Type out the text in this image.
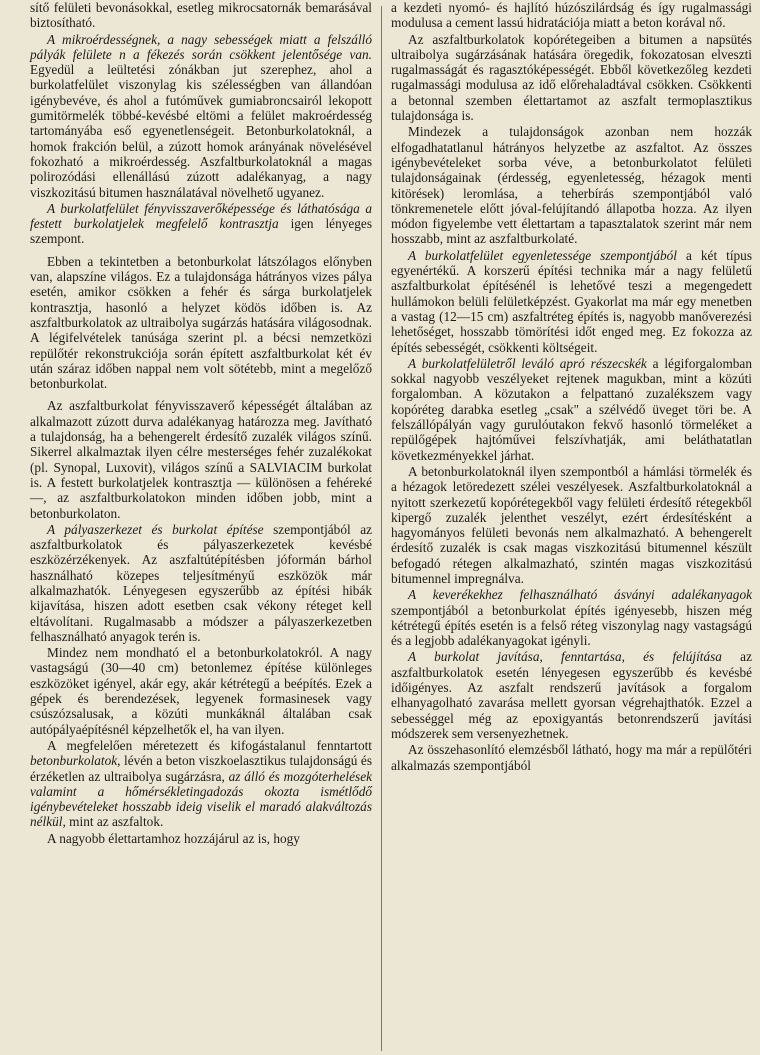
sítő felületi bevonásokkal, esetleg mikrocsatornák bemarásával biztosítható.

A mikroérdességnek, a nagy sebességek miatt a felszálló pályák felülete n a fékezés során csökkent jelentősége van. Egyedül a leültetési zónákban jut szerephez, ahol a burkolatfelület viszonylag kis szélességben van állandóan igénybevéve, és ahol a futóművek gumiabroncsairól lekopott gumitörmelék többé-kevésbé eltömi a felület makroérdesség tartományába eső egyenetlenségeit. Betonburkolatoknál, a homok frakción belül, a zúzott homok arányának növelésével fokozható a mikroérdesség. Aszfaltburkolatoknál a magas polirozódási ellenállású zúzott adalékanyag, a nagy viszkozitású bitumen használatával növelhető ugyanez.

A burkolatfelület fényvisszaverőképessége és láthatósága a festett burkolatjelek megfelelő kontrasztja igen lényeges szempont.

Ebben a tekintetben a betonburkolat látszólagos előnyben van, alapszíne világos. Ez a tulajdonsága hátrányos vizes pálya esetén, amikor csökken a fehér és sárga burkolatjelek kontrasztja, hasonló a helyzet ködös időben is. Az aszfaltburkolatok az ultraibolya sugárzás hatására világosodnak. A légifelvételek tanúsága szerint pl. a bécsi nemzetközi repülőtér rekonstrukciója során épített aszfaltburkolat két év után száraz időben nappal nem volt sötétebb, mint a megelőző betonburkolat.

Az aszfaltburkolat fényvisszaverő képességét általában az alkalmazott zúzott durva adalékanyag határozza meg. Javítható a tulajdonság, ha a behengerelt érdesítő zuzalék világos színű. Sikerrel alkalmaztak ilyen célre mesterséges fehér zuzalékokat (pl. Synopal, Luxovit), világos színű a SALVIACIM burkolat is. A festett burkolatjelek kontrasztja — különösen a fehéreké —, az aszfaltburkolatokon minden időben jobb, mint a betonburkolaton.

A pályaszerkezet és burkolat építése szempontjából az aszfaltburkolatok és pályaszerkezetek kevésbé eszközérzékenyek. Az aszfaltútépítésben jóformán bárhol használható közepes teljesítményű eszközök már alkalmazhatók. Lényegesen egyszerűbb az építési hibák kijavítása, hiszen adott esetben csak vékony réteget kell eltávolítani. Rugalmasabb a módszer a pályaszerkezetben felhasználható anyagok terén is.

Mindez nem mondható el a betonburkolatokról. A nagy vastagságú (30—40 cm) betonlemez építése különleges eszközöket igényel, akár egy, akár kétrétegű a beépítés. Ezek a gépek és berendezések, legyenek formasinesek vagy csúszózsalusak, a közúti munkáknál általában csak autópályaépítésnél képzelhetők el, ha van ilyen.

A megfelelően méretezett és kifogástalanul fenntartott betonburkolatok, lévén a beton viszkoelasztikus tulajdonságú és érzéketlen az ultraibolya sugárzásra, az álló és mozgóterhelések valamint a hőmérsékletingadozás okozta ismétlődő igénybevételeket hosszabb ideig viselik el maradó alakváltozás nélkül, mint az aszfaltok.

A nagyobb élettartamhoz hozzájárul az is, hogy

a kezdeti nyomó- és hajlító húzószilárdság és így rugalmassági modulusa a cement lassú hidratációja miatt a beton korával nő.

Az aszfaltburkolatok kopórétegeiben a bitumen a napsütés ultraibolya sugárzásának hatására öregedik, fokozatosan elveszti rugalmasságát és ragasztóképességét. Ebből következőleg kezdeti rugalmassági modulusa az idő előrehaladtával csökken. Csökkenti a betonnal szemben élettartamot az aszfalt termoplasztikus tulajdonsága is.

Mindezek a tulajdonságok azonban nem hozzák elfogadhatatlanul hátrányos helyzetbe az aszfaltot. Az összes igénybevételeket sorba véve, a betonburkolatot felületi tulajdonságainak (érdesség, egyenletesség, hézagok menti kitörések) leromlása, a teherbírás szempontjából való tönkremenetele előtt jóval-felújítandó állapotba hozza. Az ilyen módon figyelembe vett élettartam a tapasztalatok szerint már nem hosszabb, mint az aszfaltburkolaté.

A burkolatfelület egyenletessége szempontjából a két típus egyenértékű. A korszerű építési technika már a nagy felületű aszfaltburkolat építésénél is lehetővé teszi a megengedett hullámokon belüli felületképzést. Gyakorlat ma már egy menetben a vastag (12—15 cm) aszfaltréteg építés is, nagyobb manőverezési lehetőséget, hosszabb tömörítési időt enged meg. Ez fokozza az építés sebességét, csökkenti költségeit.

A burkolatfelületről leváló apró részecskék a légiforgalomban sokkal nagyobb veszélyeket rejtenek magukban, mint a közúti forgalomban. A közutakon a felpattanó zuzalékszem vagy kopóréteg darabka esetleg „csak" a szélvédő üveget töri be. A felszállópályán vagy gurulóutakon fekvő hasonló törmeléket a repülőgépek hajtóművei felszívhatják, ami beláthatatlan következményekkel járhat.

A betonburkolatoknál ilyen szempontból a hámlási törmelék és a hézagok letöredezett szélei veszélyesek. Aszfaltburkolatoknál a nyitott szerkezetű kopórétegekből vagy felületi érdesítő rétegekből kipergő zuzalék jelenthet veszélyt, ezért érdesítésként a hagyományos felületi bevonás nem alkalmazható. A behengerelt érdesítő zuzalék is csak magas viszkozitású bitumennel készült befogadó rétegen alkalmazható, szintén magas viszkozitású bitumennel impregnálva.

A keverékekhez felhasználható ásványi adalékanyagok szempontjából a betonburkolat építés igényesebb, hiszen még kétrétegű építés esetén is a felső réteg viszonylag nagy vastagságú és a legjobb adalékanyagokat igényli.

A burkolat javítása, fenntartása, és felújítása az aszfaltburkolatok esetén lényegesen egyszerűbb és kevésbé időigényes. Az aszfalt rendszerű javítások a forgalom elhanyagolható zavarása mellett gyorsan végrehajthatók. Ezzel a sebességgel még az epoxigyantás betonrendszerű javítási módszerek sem versenyezhetnek.

Az összehasonlító elemzésből látható, hogy ma már a repülőtéri alkalmazás szempontjából
